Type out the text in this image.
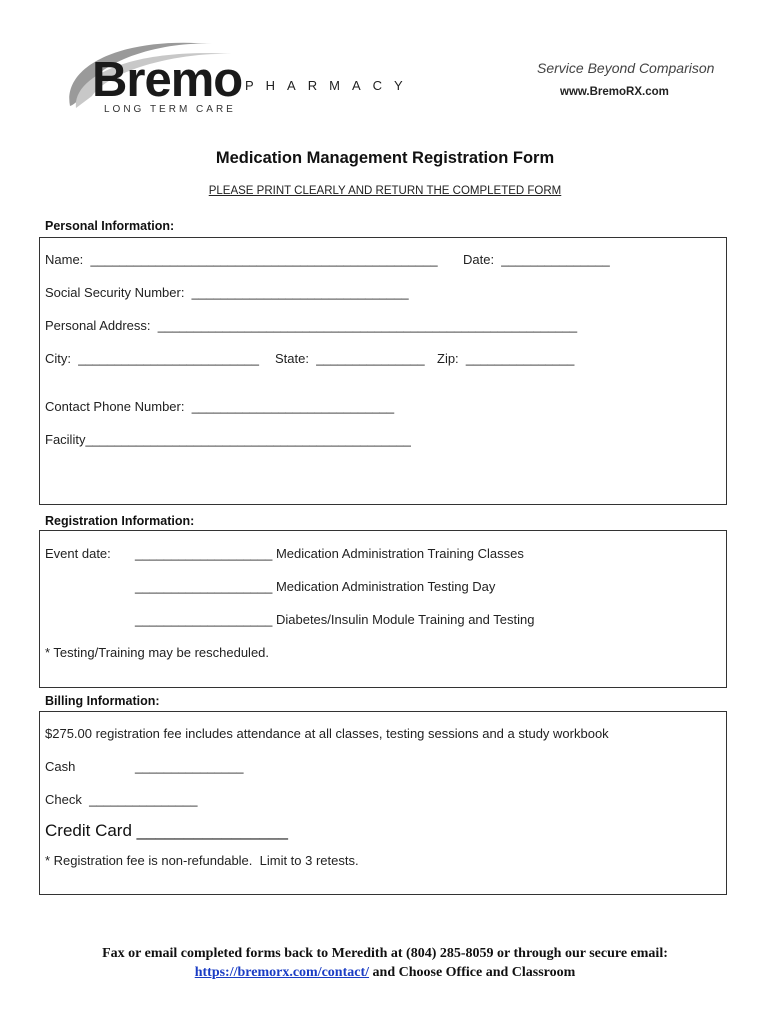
Bremo PHARMACY
LONG TERM CARE
Service Beyond Comparison
www.BremoRX.com
Medication Management Registration Form
PLEASE PRINT CLEARLY AND RETURN THE COMPLETED FORM
Personal Information:
Name:  ________________________________________________ Date:  _______________
Social Security Number:  ______________________________
Personal Address:  __________________________________________________________
City:  _________________________ State:  _______________ Zip:  _______________
Contact Phone Number:  ____________________________
Facility_____________________________________________
Registration Information:
Event date: ___________________ Medication Administration Training Classes
___________________ Medication Administration Testing Day
___________________ Diabetes/Insulin Module Training and Testing
* Testing/Training may be rescheduled.
Billing Information:
$275.00 registration fee includes attendance at all classes, testing sessions and a study workbook
Cash	_______________
Check  _______________
Credit Card ________________
* Registration fee is non-refundable.  Limit to 3 retests.
Fax or email completed forms back to Meredith at (804) 285-8059 or through our secure email:
https://bremorx.com/contact/ and Choose Office and Classroom
